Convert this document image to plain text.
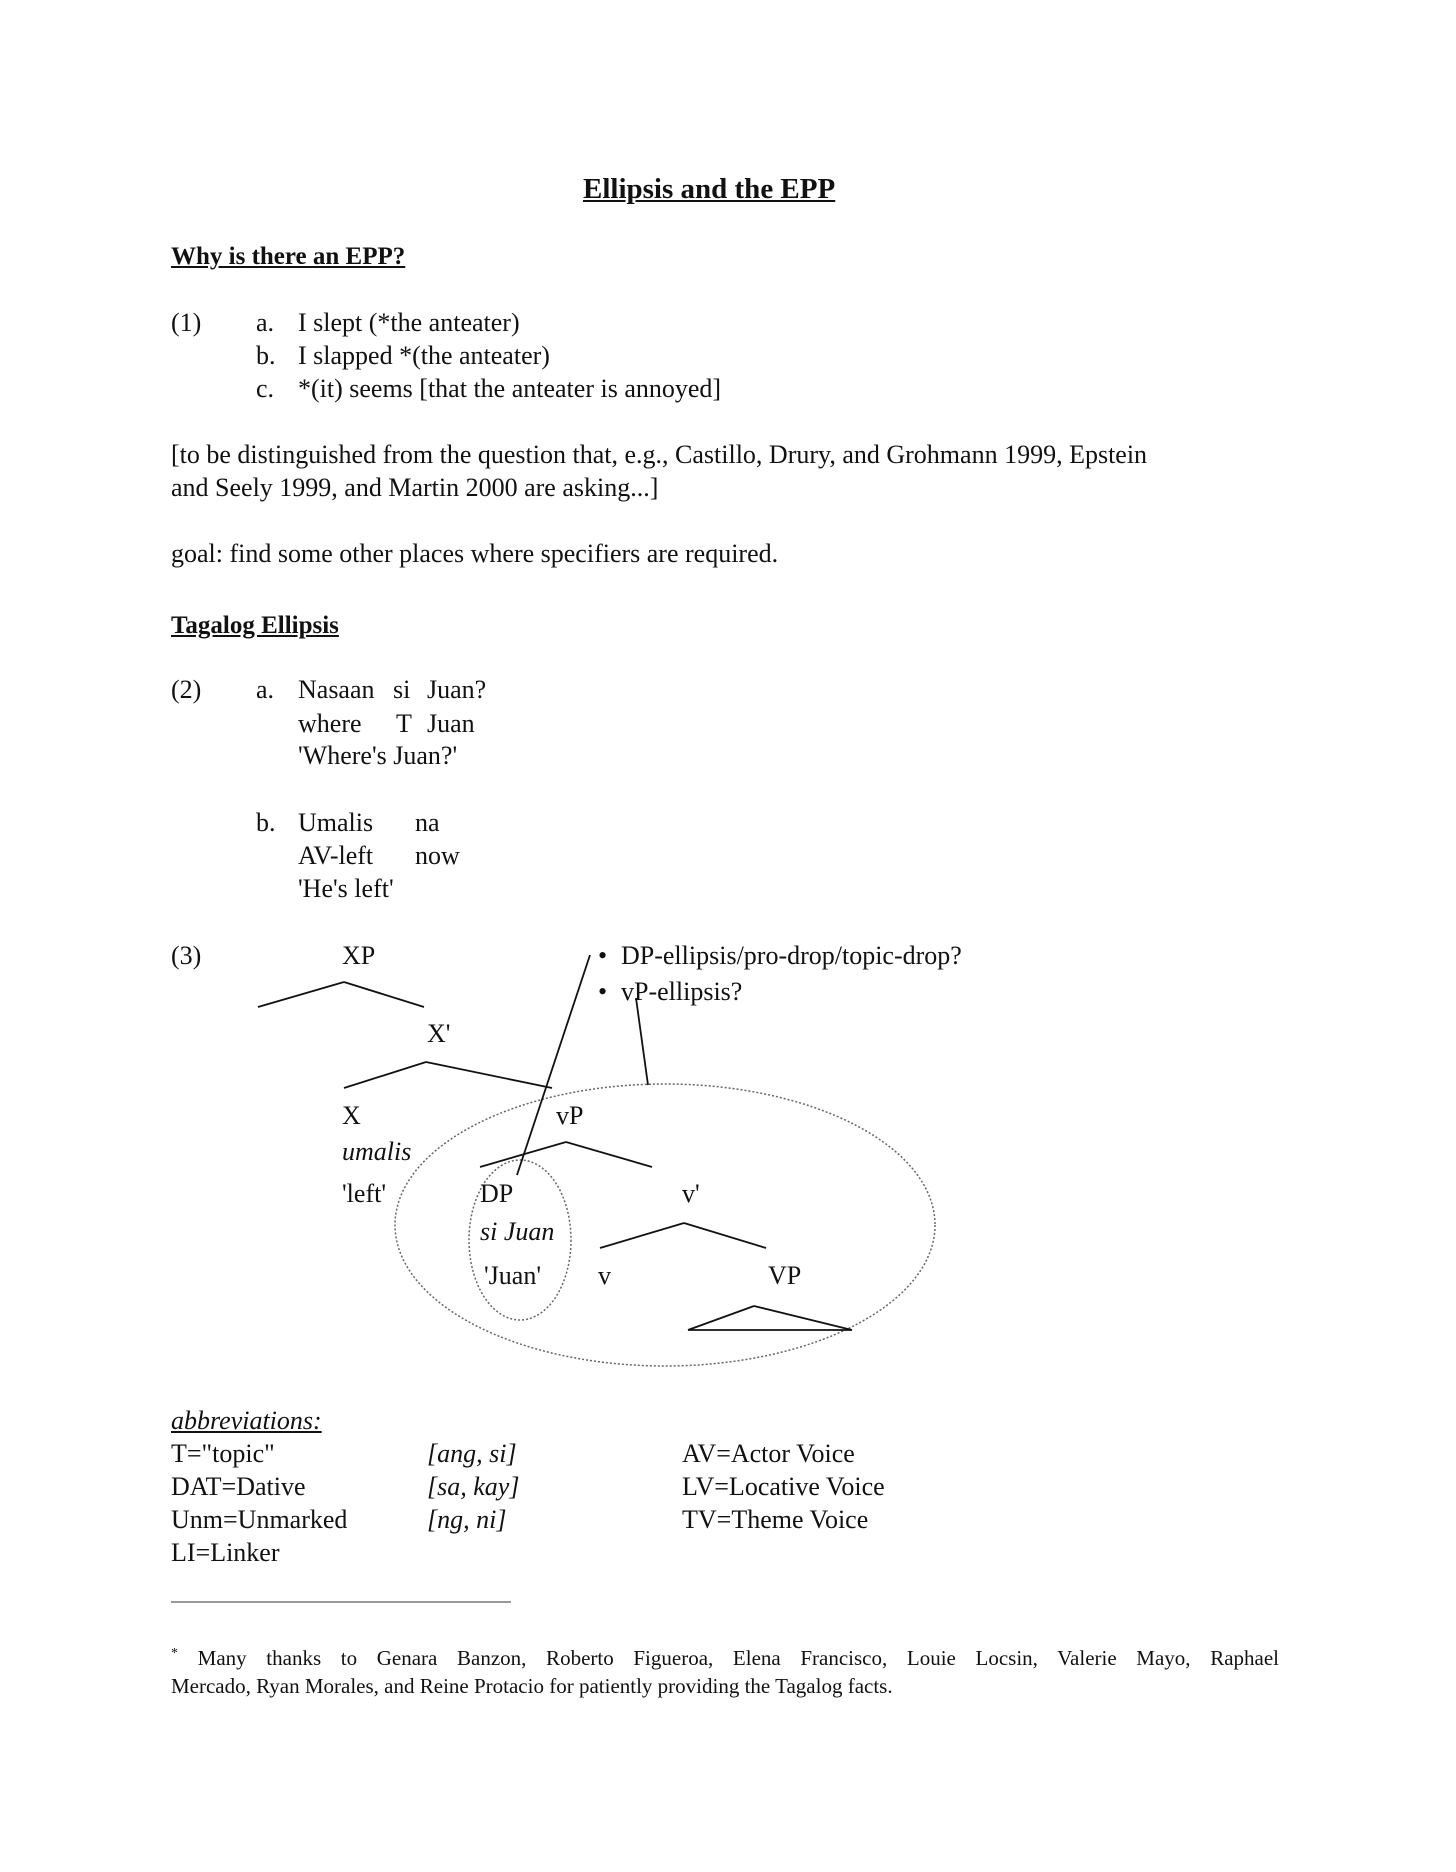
Ellipsis and the EPP
Why is there an EPP?
(1) a. I slept (*the anteater)
b. I slapped *(the anteater)
c. *(it) seems [that the anteater is annoyed]
[to be distinguished from the question that, e.g., Castillo, Drury, and Grohmann 1999, Epstein
and Seely 1999, and Martin 2000 are asking...]
goal: find some other places where specifiers are required.
Tagalog Ellipsis
(2) a. Nasaan si Juan?
where T Juan
'Where's Juan?'
b. Umalis na
AV-left now
'He's left'
(3)	• DP-ellipsis/pro-drop/topic-drop?
• vP-ellipsis?
XP
X'
X
umalis
'left'
vP
DP
si Juan
'Juan'
v'
v	VP
abbreviations:
T="topic"
DAT=Dative
Unm=Unmarked
LI=Linker
[ang, si]
[sa, kay]
[ng, ni]
AV=Actor Voice
LV=Locative Voice
TV=Theme Voice
* Many thanks to Genara Banzon, Roberto Figueroa, Elena Francisco, Louie Locsin, Valerie Mayo, Raphael
Mercado, Ryan Morales, and Reine Protacio for patiently providing the Tagalog facts.
